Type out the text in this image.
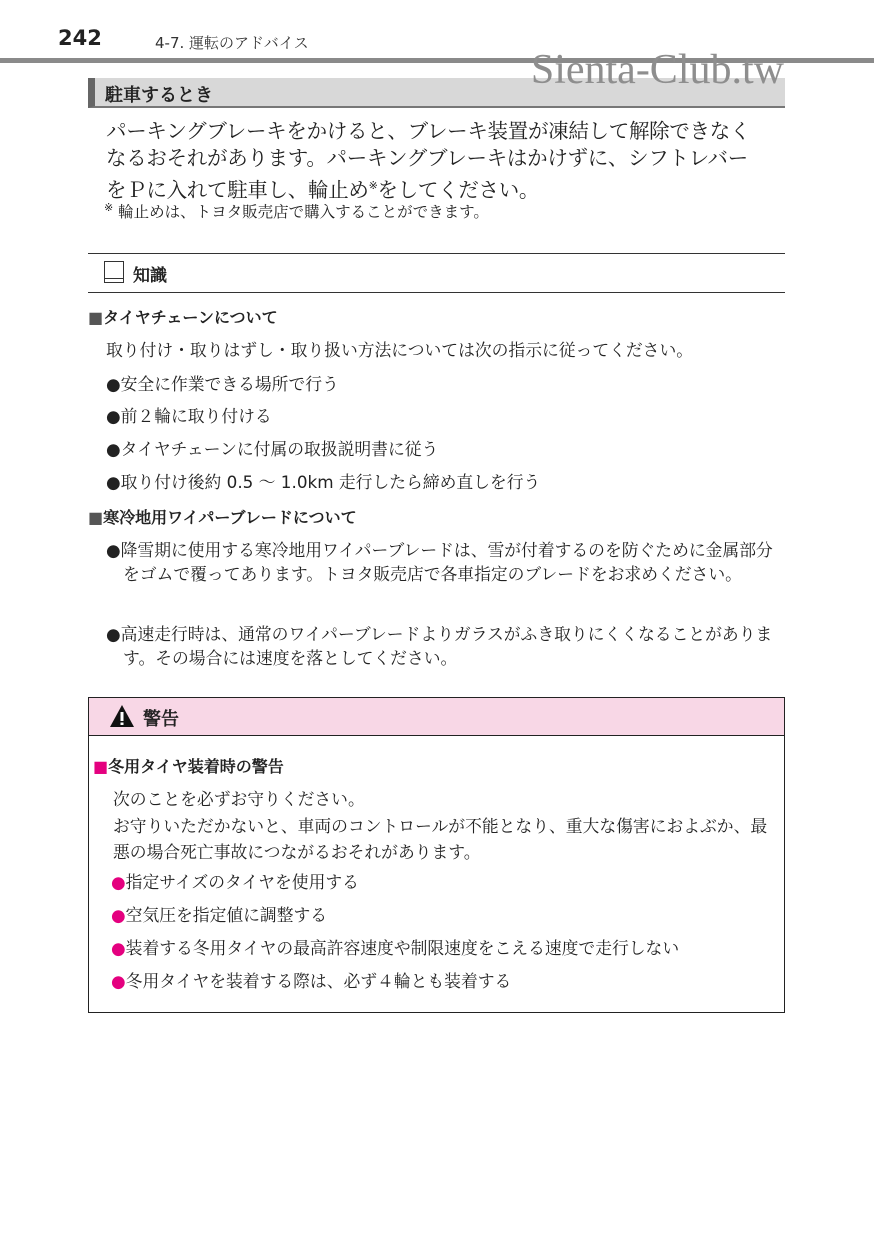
242	4-7. 運転のアドバイス
駐車するとき
Sienta-Club.tw
パーキングブレーキをかけると、ブレーキ装置が凍結して解除できなく
なるおそれがあります。パーキングブレーキはかけずに、シフトレバー
をＰに入れて駐車し、輪止め※をしてください。
※ 輪止めは、トヨタ販売店で購入することができます。
知識
■タイヤチェーンについて
取り付け・取りはずし・取り扱い方法については次の指示に従ってください。
●安全に作業できる場所で行う
●前２輪に取り付ける
●タイヤチェーンに付属の取扱説明書に従う
●取り付け後約 0.5 〜 1.0km 走行したら締め直しを行う
■寒冷地用ワイパーブレードについて
●降雪期に使用する寒冷地用ワイパーブレードは、雪が付着するのを防ぐために金属部分をゴムで覆ってあります。トヨタ販売店で各車指定のブレードをお求めください。
●高速走行時は、通常のワイパーブレードよりガラスがふき取りにくくなることがあります。その場合には速度を落としてください。
警告
■冬用タイヤ装着時の警告
次のことを必ずお守りください。
お守りいただかないと、車両のコントロールが不能となり、重大な傷害におよぶか、最悪の場合死亡事故につながるおそれがあります。
●指定サイズのタイヤを使用する
●空気圧を指定値に調整する
●装着する冬用タイヤの最高許容速度や制限速度をこえる速度で走行しない
●冬用タイヤを装着する際は、必ず４輪とも装着する
